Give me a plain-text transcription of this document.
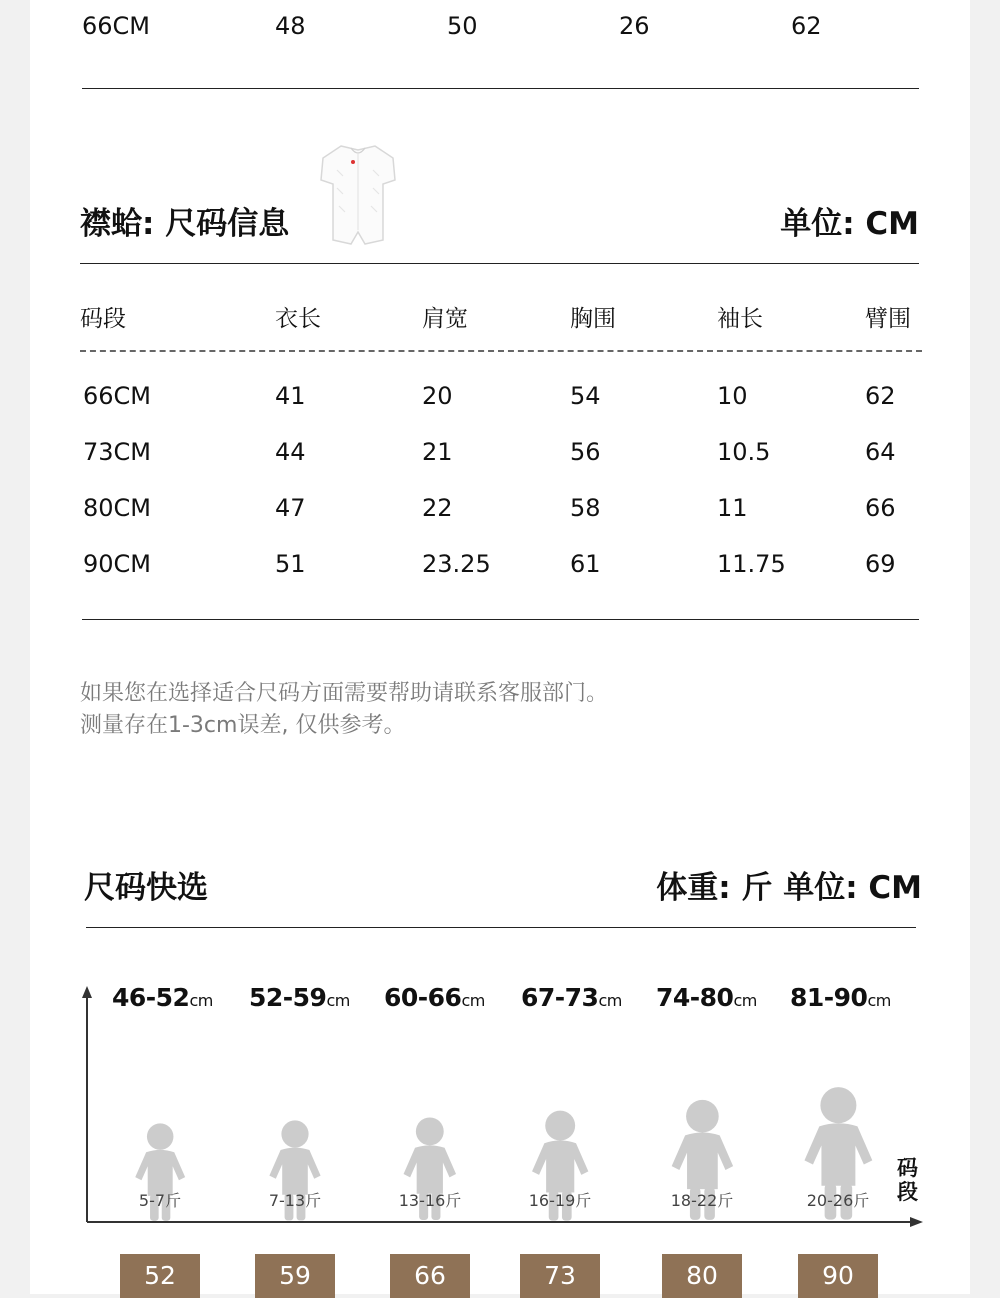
66CM	48	50	26	62
襟蛤: 尺码信息	单位: CM
码段	衣长	肩宽	胸围	袖长	臂围
66CM	41	20	54	10	62
73CM	44	21	56	10.5	64
80CM	47	22	58	11	66
90CM	51	23.25	61	11.75	69
如果您在选择适合尺码方面需要帮助请联系客服部门。
测量存在1-3cm误差, 仅供参考。
尺码快选	体重: 斤 单位: CM
码段
46-52cm
5-7斤
52
52-59cm
7-13斤
59
60-66cm
13-16斤
66
67-73cm
16-19斤
73
74-80cm
18-22斤
80
81-90cm
20-26斤
90
